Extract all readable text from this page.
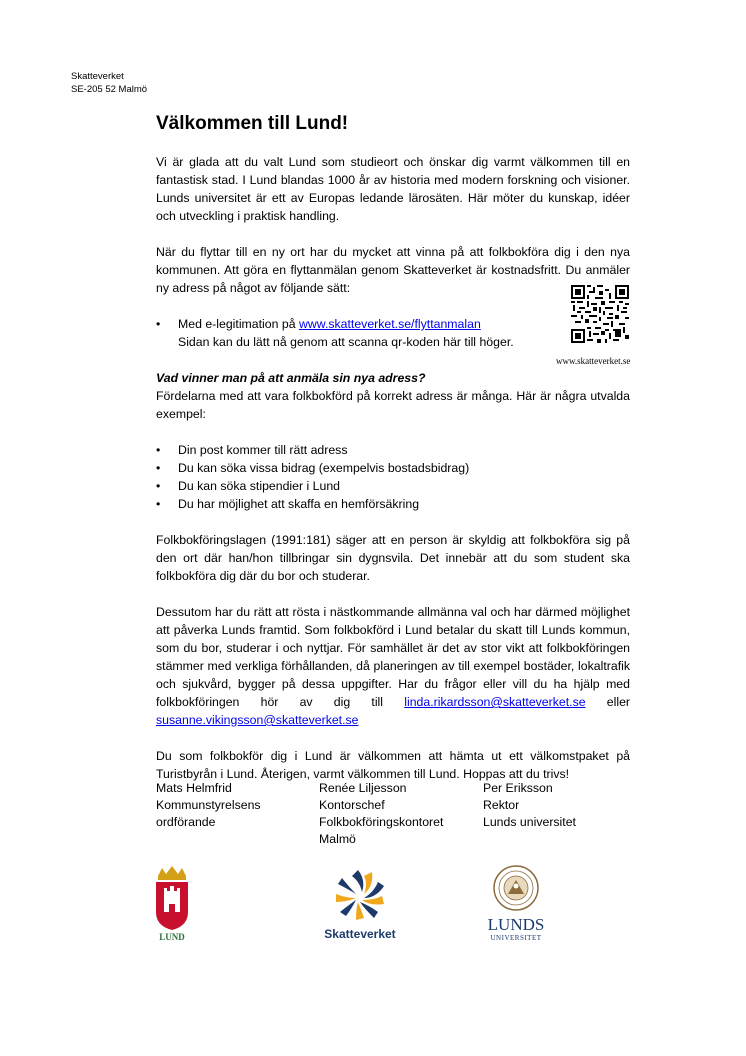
Skatteverket
SE-205 52 Malmö
Välkommen till Lund!

Vi är glada att du valt Lund som studieort och önskar dig varmt välkommen till en fantastisk stad. I Lund blandas 1000 år av historia med modern forskning och visioner. Lunds universitet är ett av Europas ledande lärosäten. Här möter du kunskap, idéer och utveckling i praktisk handling.

När du flyttar till en ny ort har du mycket att vinna på att folkbokföra dig i den nya kommunen. Att göra en flyttanmälan genom Skatteverket är kostnadsfritt. Du anmäler ny adress på något av följande sätt:

• Med e-legitimation på www.skatteverket.se/flyttanmalan
Sidan kan du lätt nå genom att scanna qr-koden här till höger.
Vad vinner man på att anmäla sin nya adress?

Fördelarna med att vara folkbokförd på korrekt adress är många. Här är några utvalda exempel:

• Din post kommer till rätt adress
• Du kan söka vissa bidrag (exempelvis bostadsbidrag)
• Du kan söka stipendier i Lund
• Du har möjlighet att skaffa en hemförsäkring

Folkbokföringslagen (1991:181) säger att en person är skyldig att folkbokföra sig på den ort där han/hon tillbringar sin dygnsvila. Det innebär att du som student ska folkbokföra dig där du bor och studerar.

Dessutom har du rätt att rösta i nästkommande allmänna val och har därmed möjlighet att påverka Lunds framtid. Som folkbokförd i Lund betalar du skatt till Lunds kommun, som du bor, studerar i och nyttjar. För samhället är det av stor vikt att folkbokföringen stämmer med verkliga förhållanden, då planeringen av till exempel bostäder, lokaltrafik och sjukvård, bygger på dessa uppgifter. Har du frågor eller vill du ha hjälp med folkbokföringen hör av dig till linda.rikardsson@skatteverket.se eller susanne.vikingsson@skatteverket.se

Du som folkbokför dig i Lund är välkommen att hämta ut ett välkomstpaket på Turistbyrån i Lund. Återigen, varmt välkommen till Lund. Hoppas att du trivs!

www.skatteverket.se
Mats Helmfrid
Kommunstyrelsens
ordförande
Renée Liljesson
Kontorschef
Folkbokföringskontoret
Malmö
Per Eriksson
Rektor
Lunds universitet
LUND	Skatteverket	LUNDS
UNIVERSITET
